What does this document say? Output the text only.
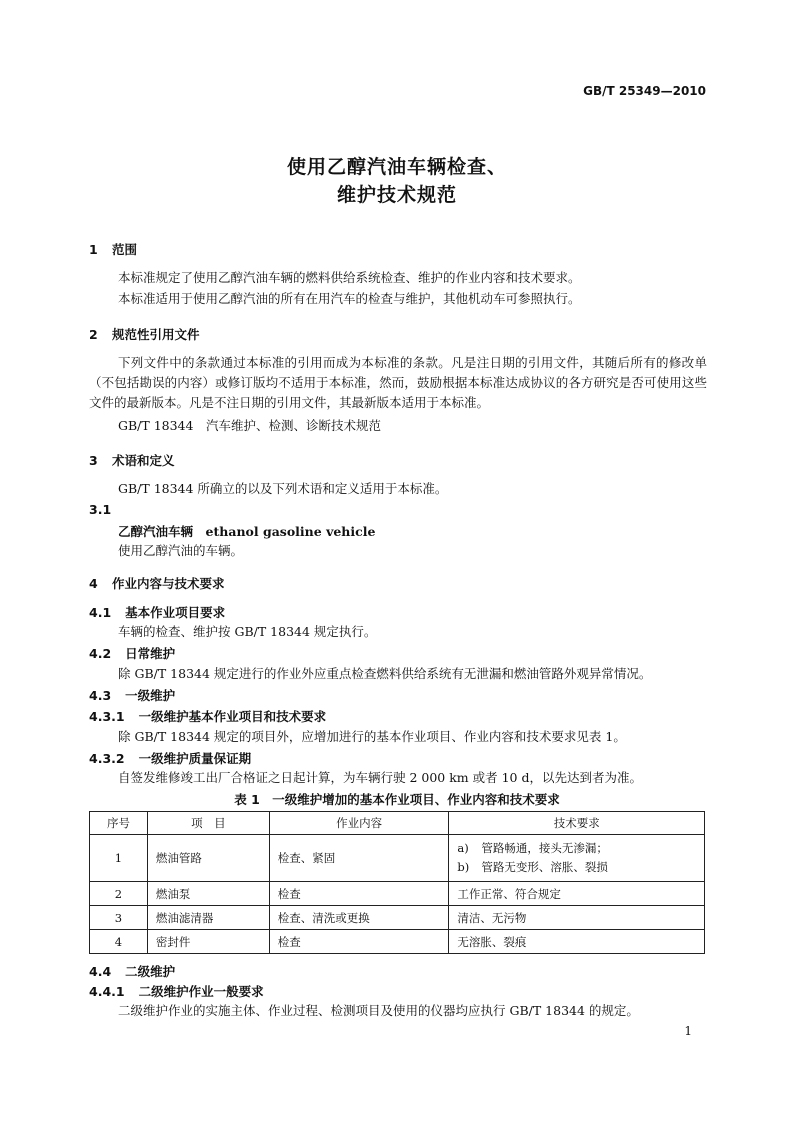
GB/T 25349—2010
使用乙醇汽油车辆检查、
维护技术规范
1 范围
本标准规定了使用乙醇汽油车辆的燃料供给系统检查、维护的作业内容和技术要求。
本标准适用于使用乙醇汽油的所有在用汽车的检查与维护，其他机动车可参照执行。
2 规范性引用文件
下列文件中的条款通过本标准的引用而成为本标准的条款。凡是注日期的引用文件，其随后所有的修改单（不包括勘误的内容）或修订版均不适用于本标准，然而，鼓励根据本标准达成协议的各方研究是否可使用这些文件的最新版本。凡是不注日期的引用文件，其最新版本适用于本标准。
GB/T 18344　汽车维护、检测、诊断技术规范
3 术语和定义
GB/T 18344 所确立的以及下列术语和定义适用于本标准。
3.1
乙醇汽油车辆　 ethanol gasoline vehicle
使用乙醇汽油的车辆。
4 作业内容与技术要求
4.1 基本作业项目要求
车辆的检查、维护按 GB/T 18344 规定执行。
4.2 日常维护
除 GB/T 18344 规定进行的作业外应重点检查燃料供给系统有无泄漏和燃油管路外观异常情况。
4.3 一级维护
4.3.1 一级维护基本作业项目和技术要求
除 GB/T 18344 规定的项目外，应增加进行的基本作业项目、作业内容和技术要求见表 1。
4.3.2 一级维护质量保证期
自签发维修竣工出厂合格证之日起计算，为车辆行驶 2 000 km 或者 10 d，以先达到者为准。
表 1　一级维护增加的基本作业项目、作业内容和技术要求
序号	项　目	作业内容	技术要求
1	燃油管路	检查、紧固	a) 管路畅通，接头无渗漏；
b) 管路无变形、溶胀、裂损

2	燃油泵	检查	工作正常、符合规定
3	燃油滤清器	检查、清洗或更换	清洁、无污物
4	密封件	检查	无溶胀、裂痕
4.4 二级维护
4.4.1 二级维护作业一般要求
二级维护作业的实施主体、作业过程、检测项目及使用的仪器均应执行 GB/T 18344 的规定。
1
